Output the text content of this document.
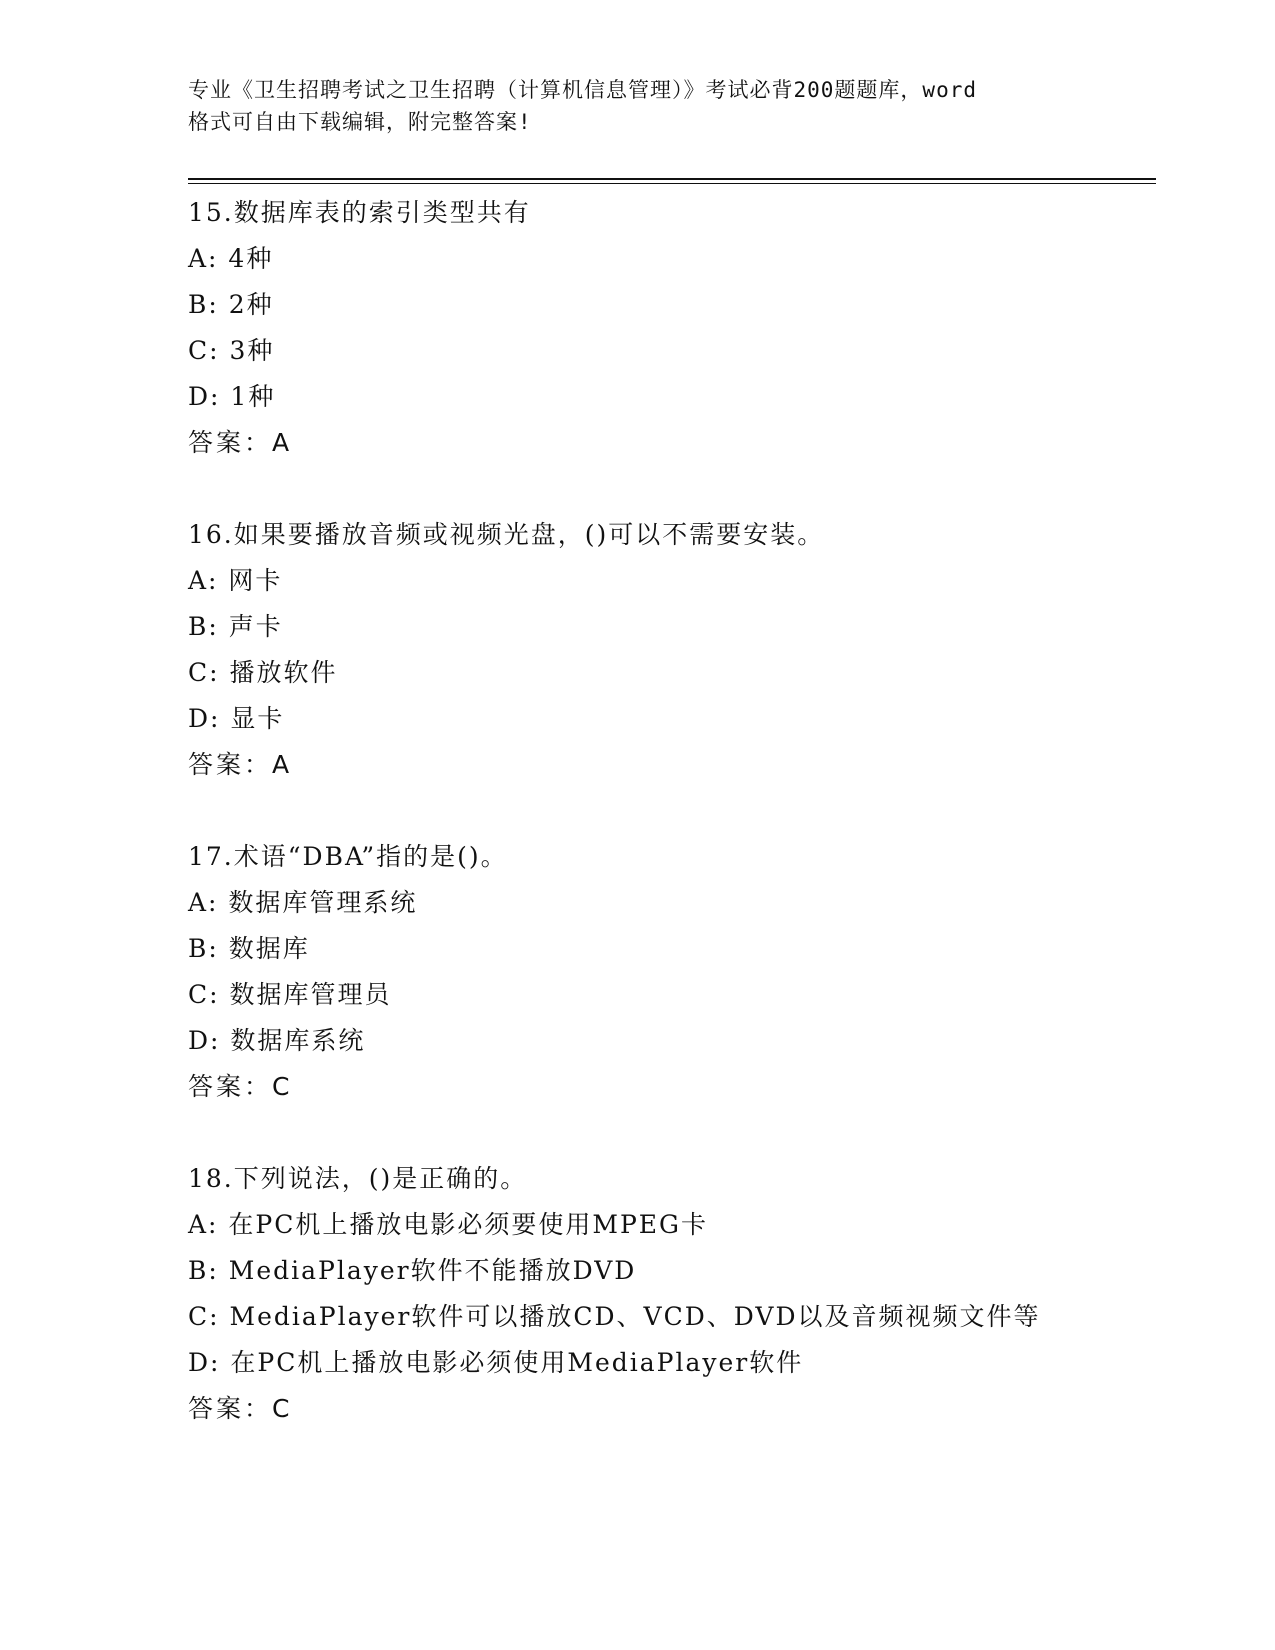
专业《卫生招聘考试之卫生招聘（计算机信息管理）》考试必背200题题库，word
格式可自由下载编辑，附完整答案!
15.数据库表的索引类型共有
A: 4种
B: 2种
C: 3种
D: 1种
答案：A
16.如果要播放音频或视频光盘，()可以不需要安装。
A: 网卡
B: 声卡
C: 播放软件
D: 显卡
答案：A
17.术语“DBA”指的是()。
A: 数据库管理系统
B: 数据库
C: 数据库管理员
D: 数据库系统
答案：C
18.下列说法，()是正确的。
A: 在PC机上播放电影必须要使用MPEG卡
B: MediaPlayer软件不能播放DVD
C: MediaPlayer软件可以播放CD、VCD、DVD以及音频视频文件等
D: 在PC机上播放电影必须使用MediaPlayer软件
答案：C
